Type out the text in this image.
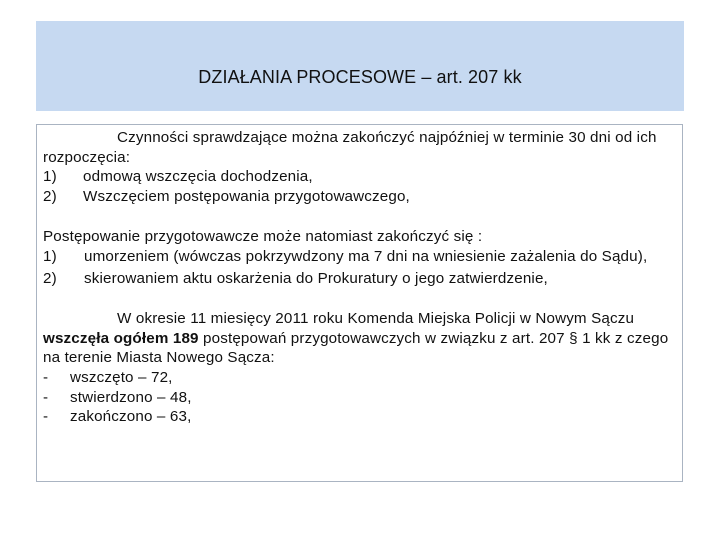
DZIAŁANIA PROCESOWE – art. 207 kk

Czynności sprawdzające można zakończyć najpóźniej w terminie 30 dni od ich rozpoczęcia:

1) odmową wszczęcia dochodzenia,
2) Wszczęciem postępowania przygotowawczego,

Postępowanie przygotowawcze może natomiast zakończyć się :

1) umorzeniem (wówczas pokrzywdzony ma 7 dni na wniesienie zażalenia do Sądu),
2) skierowaniem aktu oskarżenia do Prokuratury o jego zatwierdzenie,

W okresie 11 miesięcy 2011 roku Komenda Miejska Policji w Nowym Sączu wszczęła ogółem 189 postępowań przygotowawczych w związku z art. 207 § 1 kk z czego na terenie Miasta Nowego Sącza:

- wszczęto – 72,
- stwierdzono – 48,
- zakończono – 63,
